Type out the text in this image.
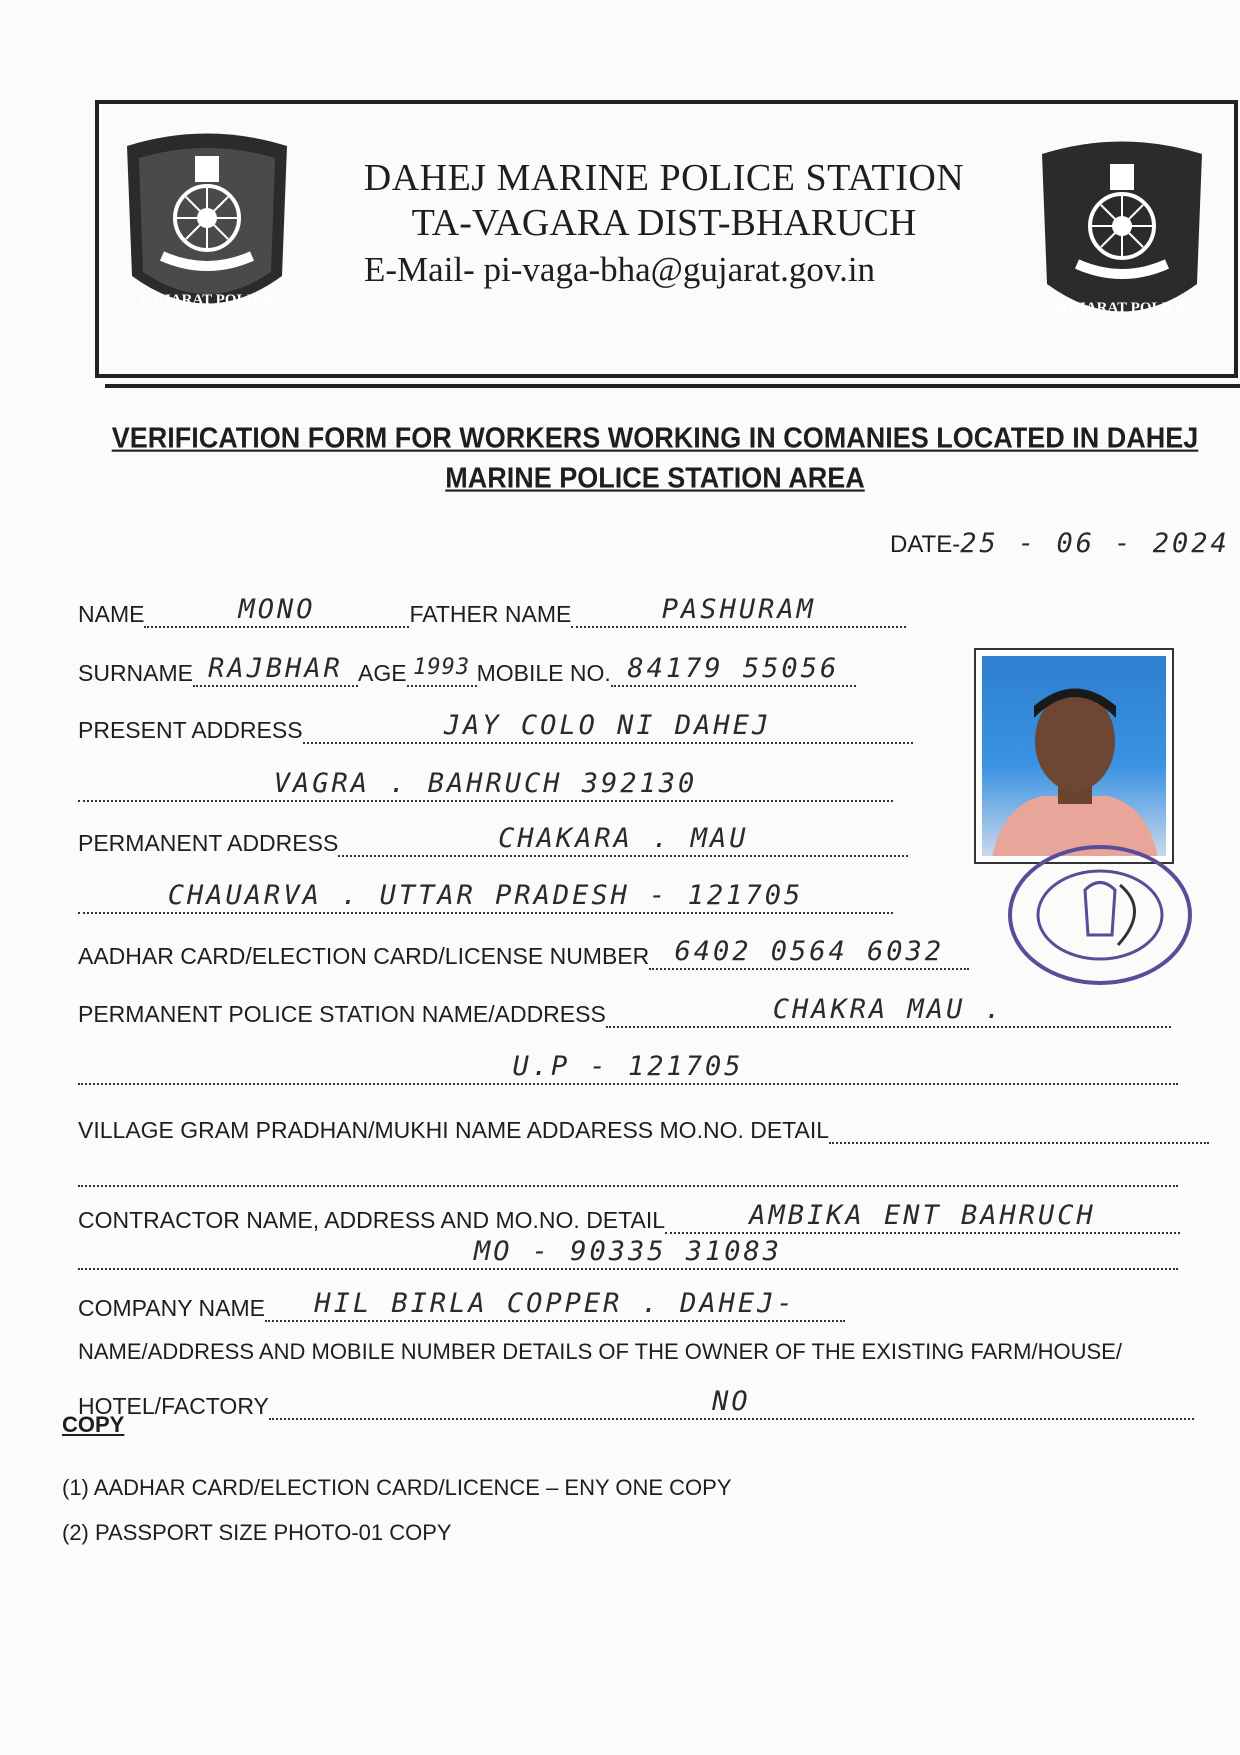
GUJARAT POLICE
DAHEJ MARINE POLICE STATION
TA-VAGARA DIST-BHARUCH
E-Mail- pi-vaga-bha@gujarat.gov.in
GUJARAT POLICE
VERIFICATION FORM FOR WORKERS WORKING IN COMANIES LOCATED IN DAHEJ
MARINE POLICE STATION AREA
DATE-25 - 06 - 2024
NAME	MONO	FATHER NAME	PASHURAM
SURNAME RAJBHAR AGE 1993 MOBILE NO. 84179 55056
PRESENT ADDRESS	JAY COLO NI DAHEJ
VAGRA . BAHRUCH 392130
PERMANENT ADDRESS	CHAKARA . MAU
CHAUARVA . UTTAR PRADESH - 121705
AADHAR CARD/ELECTION CARD/LICENSE NUMBER 6402 0564 6032
PERMANENT POLICE STATION NAME/ADDRESS	CHAKRA MAU .
U.P - 121705
VILLAGE GRAM PRADHAN/MUKHI NAME ADDARESS MO.NO. DETAIL
CONTRACTOR NAME, ADDRESS AND MO.NO. DETAIL	AMBIKA ENT BAHRUCH
MO - 90335 31083
COMPANY NAME HIL BIRLA COPPER . DAHEJ-
NAME/ADDRESS AND MOBILE NUMBER DETAILS OF THE OWNER OF THE EXISTING FARM/HOUSE/
HOTEL/FACTORY	NO
COPY
(1) AADHAR CARD/ELECTION CARD/LICENCE – ENY ONE COPY
(2) PASSPORT SIZE PHOTO-01 COPY
